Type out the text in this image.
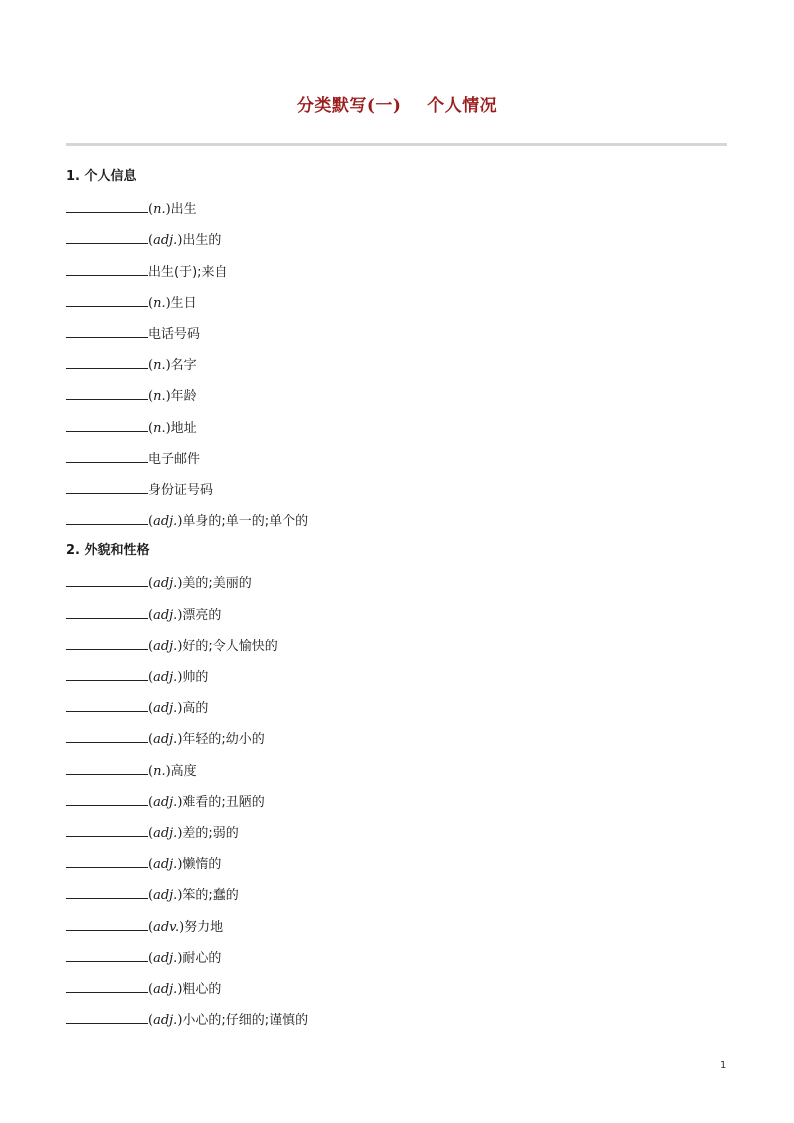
分类默写(一)    个人情况
1. 个人信息
(n.)出生
(adj.)出生的
出生(于);来自
(n.)生日
电话号码
(n.)名字
(n.)年龄
(n.)地址
电子邮件
身份证号码
(adj.)单身的;单一的;单个的
2. 外貌和性格
(adj.)美的;美丽的
(adj.)漂亮的
(adj.)好的;令人愉快的
(adj.)帅的
(adj.)高的
(adj.)年轻的;幼小的
(n.)高度
(adj.)难看的;丑陋的
(adj.)差的;弱的
(adj.)懒惰的
(adj.)笨的;蠢的
(adv.)努力地
(adj.)耐心的
(adj.)粗心的
(adj.)小心的;仔细的;谨慎的
1
